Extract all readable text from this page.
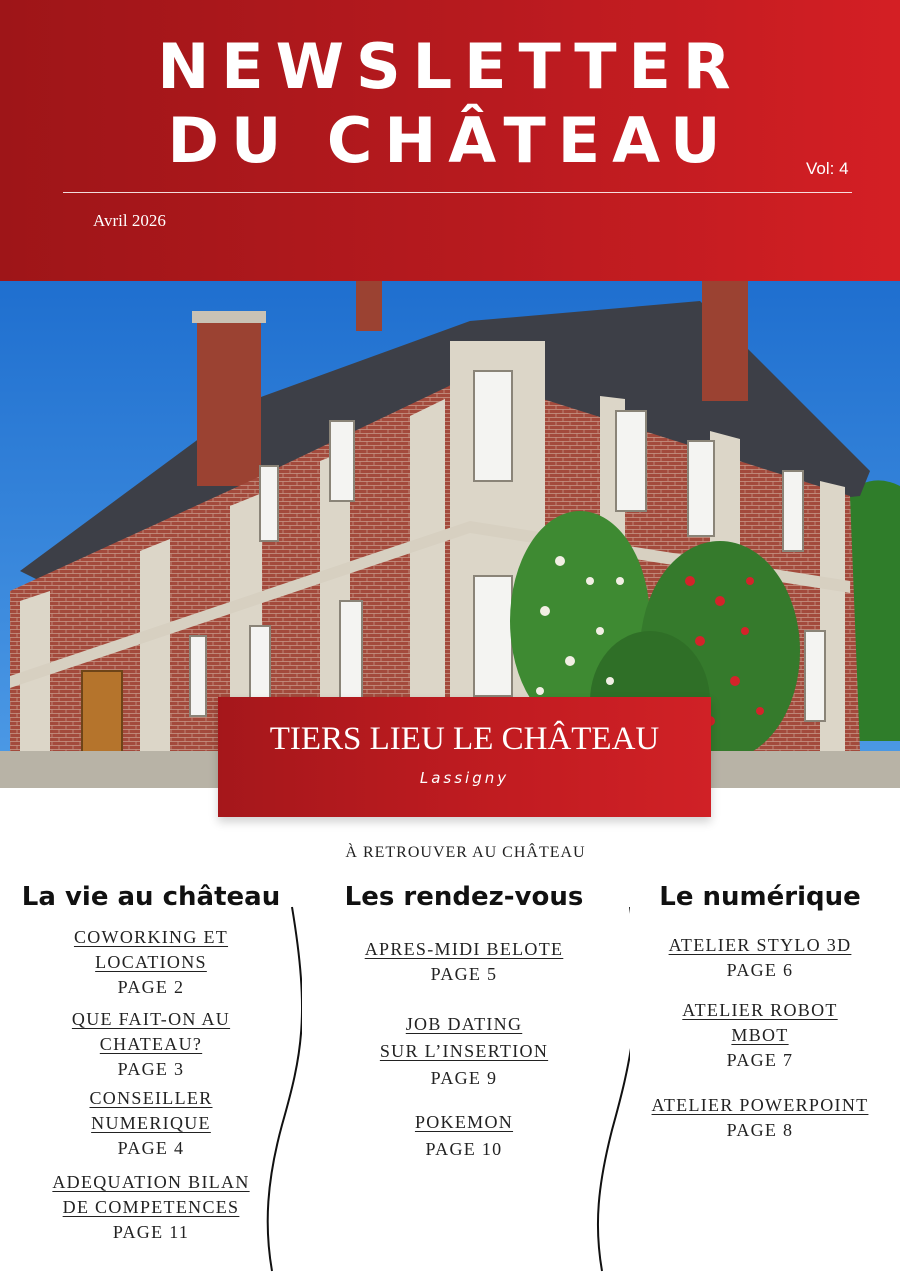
NEWSLETTER
DU CHÂTEAU	Vol: 4
Avril 2026
TIERS LIEU LE CHÂTEAU
Lassigny
À RETROUVER AU CHÂTEAU
La vie au château
COWORKING ET
LOCATIONS
PAGE 2
QUE FAIT-ON AU
CHATEAU?
PAGE 3
CONSEILLER
NUMERIQUE
PAGE 4
ADEQUATION BILAN
DE COMPETENCES
PAGE 11
Les rendez-vous
APRES-MIDI BELOTE
PAGE 5
JOB DATING
SUR L’INSERTION
PAGE 9
POKEMON
PAGE 10
Le numérique
ATELIER STYLO 3D
PAGE 6
ATELIER ROBOT
MBOT
PAGE 7
ATELIER POWERPOINT
PAGE 8
